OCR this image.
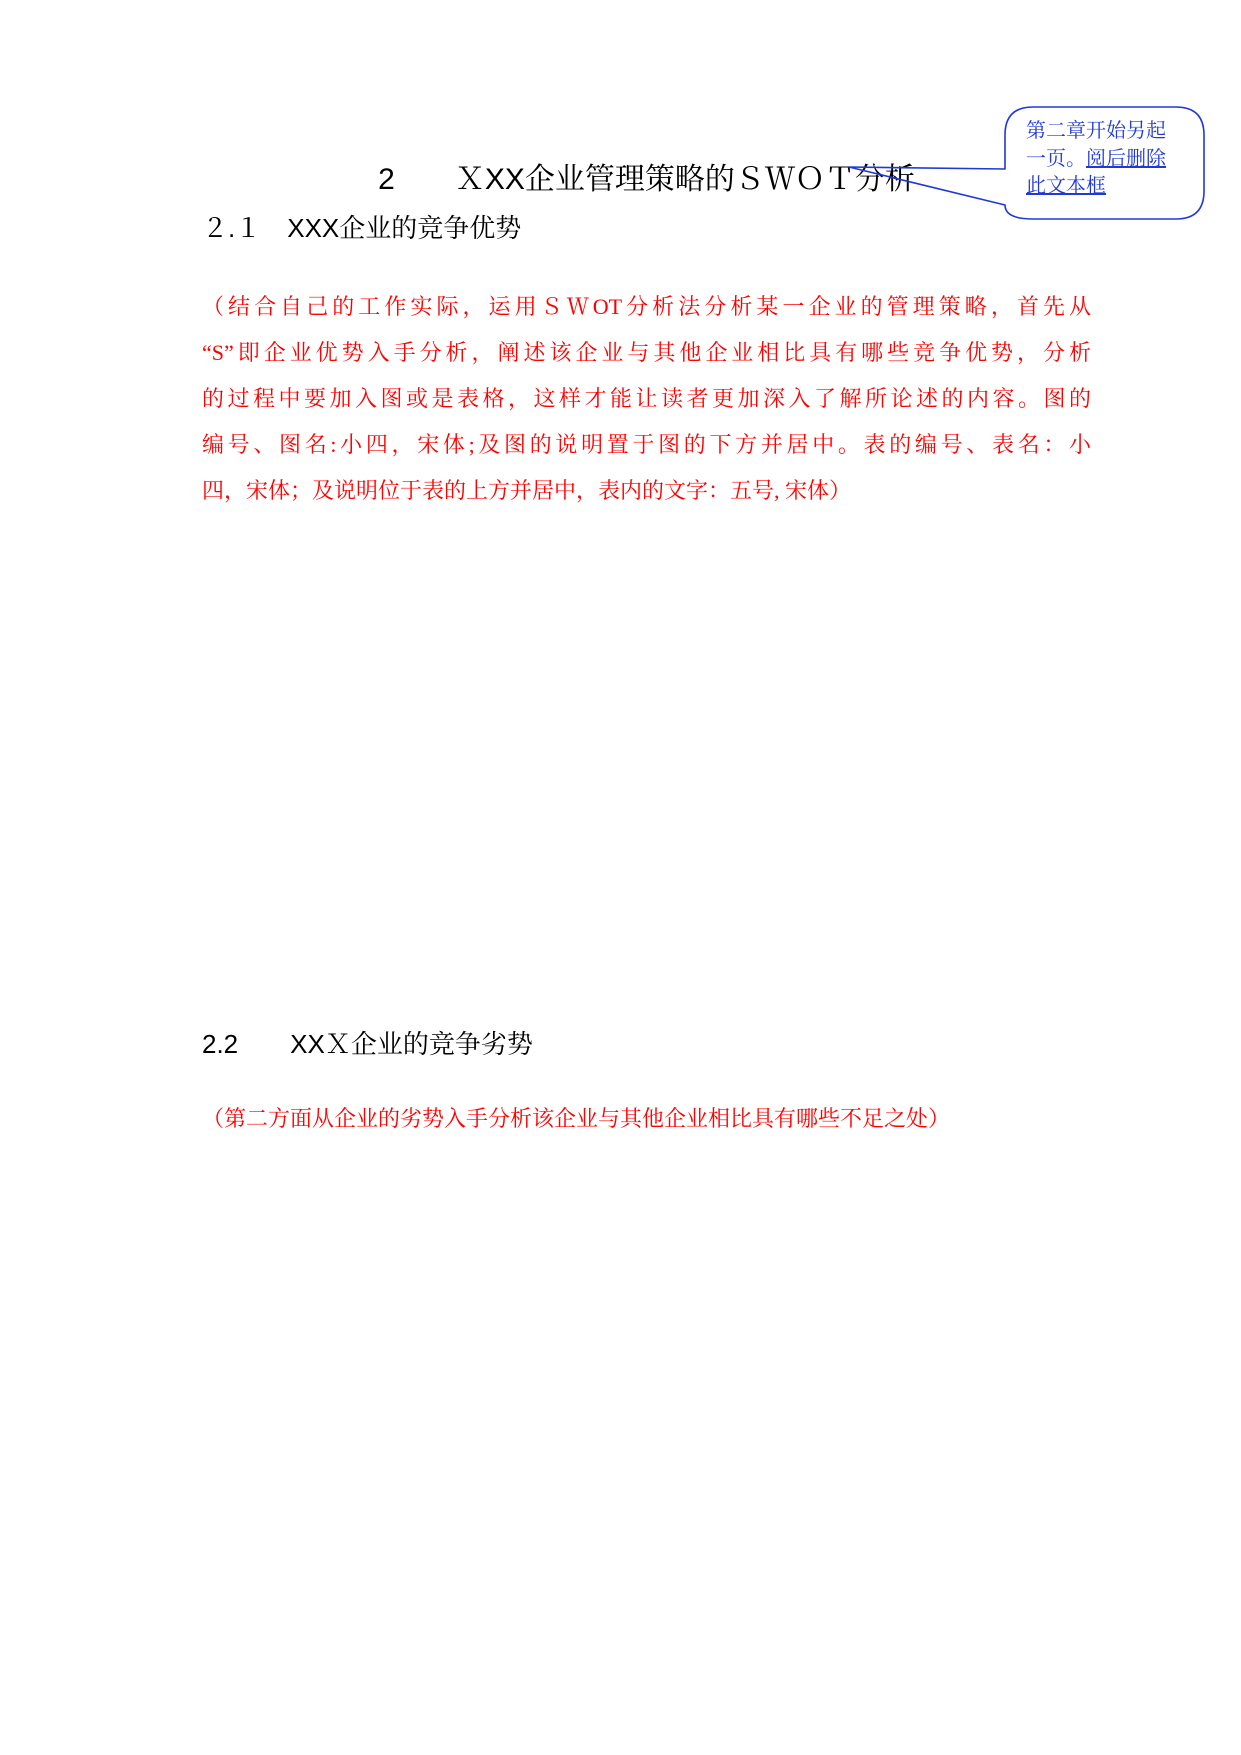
2　　ＸXX企业管理策略的ＳＷＯＴ分析
第二章开始另起
一页。阅后删除
此文本框
２.１　XXX企业的竞争优势
（结合自己的工作实际，运用ＳＷOT分析法分析某一企业的管理策略，首先从
“S”即企业优势入手分析，阐述该企业与其他企业相比具有哪些竞争优势，分析
的过程中要加入图或是表格，这样才能让读者更加深入了解所论述的内容。图的
编号、图名:小四，宋体;及图的说明置于图的下方并居中。表的编号、表名：小
四，宋体；及说明位于表的上方并居中，表内的文字：五号, 宋体）
2.2　　XXＸ企业的竞争劣势
（第二方面从企业的劣势入手分析该企业与其他企业相比具有哪些不足之处）
